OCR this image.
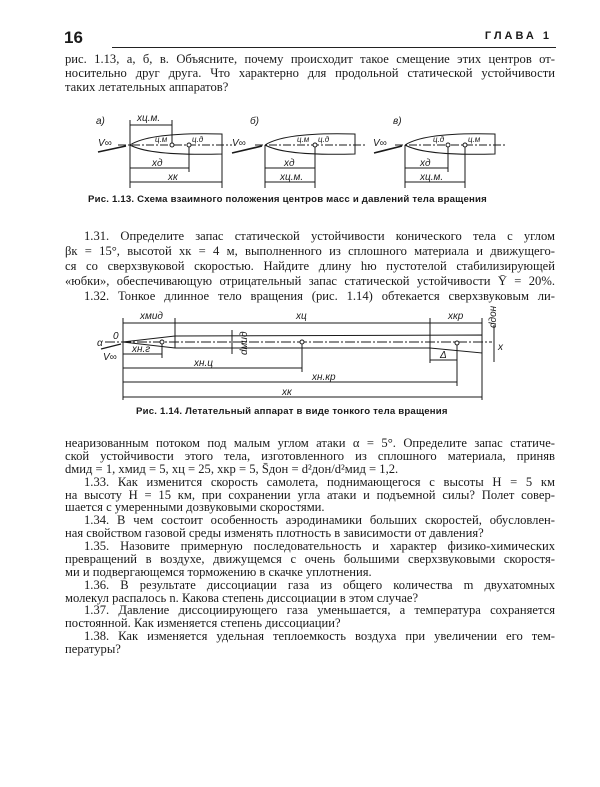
16	ГЛАВА 1
рис. 1.13, а, б, в. Объясните, почему происходит такое смещение этих центров от-
носительно друг друга. Что характерно для продольной статической устойчивости
таких летательных аппаратов?
а)	б)	в)
xц.м.
ц.м	ц.д
xд
xк
V∞	ц.м ц.д
xд
xц.м.
V∞	ц.д	ц.м
xд
xц.м.
V∞
Рис. 1.13. Схема взаимного положения центров масс и давлений тела вращения
1.31. Определите запас статической устойчивости конического тела с углом
βк = 15°, высотой xк = 4 м, выполненного из сплошного материала и движущего-
ся со сверхзвуковой скоростью. Найдите длину hю пустотелой стабилизирующей
«юбки», обеспечивающую отрицательный запас статической устойчивости Ȳ = 20%.
1.32. Тонкое длинное тело вращения (рис. 1.14) обтекается сверхзвуковым ли-
xмид	xц	xкр dдон
0
α
V∞
xн.г
xн.ц
dмид
Δ
x
xн.кр
xк
Рис. 1.14. Летательный аппарат в виде тонкого тела вращения
неаризованным потоком под малым углом атаки α = 5°. Определите запас статиче-
ской устойчивости этого тела, изготовленного из сплошного материала, приняв
dмид = 1, xмид = 5, xц = 25, xкр = 5, S̄дон = d²дон/d²мид = 1,2.
1.33. Как изменится скорость самолета, поднимающегося с высоты H = 5 км
на высоту H = 15 км, при сохранении угла атаки и подъемной силы? Полет совер-
шается с умеренными дозвуковыми скоростями.
1.34. В чем состоит особенность аэродинамики больших скоростей, обусловлен-
ная свойством газовой среды изменять плотность в зависимости от давления?
1.35. Назовите примерную последовательность и характер физико-химических
превращений в воздухе, движущемся с очень большими сверхзвуковыми скоростя-
ми и подвергающемся торможению в скачке уплотнения.
1.36. В результате диссоциации газа из общего количества m двухатомных
молекул распалось n. Какова степень диссоциации в этом случае?
1.37. Давление диссоциирующего газа уменьшается, а температура сохраняется
постоянной. Как изменяется степень диссоциации?
1.38. Как изменяется удельная теплоемкость воздуха при увеличении его тем-
пературы?
